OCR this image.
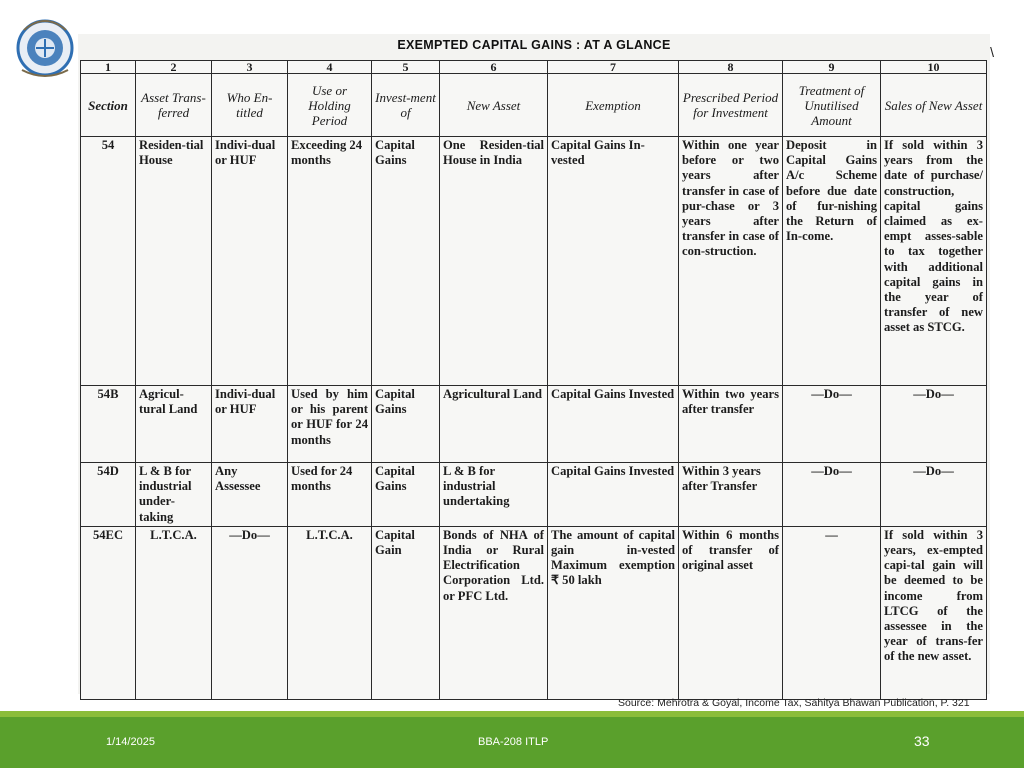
EXEMPTED CAPITAL GAINS : AT A GLANCE	\
1	2	3	4	5	6	7	8	9	10
Section	Asset Trans-ferred	Who En-titled	Use or Holding Period	Invest-ment of	New Asset	Exemption	Prescribed Period for Investment	Treatment of Unutilised Amount	Sales of New Asset
54	Residen-tial House	Indivi-dual or HUF	Exceeding 24 months	Capital Gains	One Residen-tial House in India	Capital Gains In-vested	Within one year before or two years after transfer in case of pur-chase or 3 years after transfer in case of con-struction.	Deposit in Capital Gains A/c Scheme before due date of fur-nishing the Return of In-come.	If sold within 3 years from the date of purchase/ construction, capital gains claimed as ex-empt asses-sable to tax together with additional capital gains in the year of transfer of new asset as STCG.
54B	Agricul-tural Land	Indivi-dual or HUF	Used by him or his parent or HUF for 24 months	Capital Gains	Agricultural Land	Capital Gains Invested	Within two years after transfer	—Do—	—Do—
54D	L & B for industrial under-taking	Any Assessee	Used for 24 months	Capital Gains	L & B for industrial undertaking	Capital Gains Invested	Within 3 years after Transfer	—Do—	—Do—
54EC	L.T.C.A.	—Do—	L.T.C.A.	Capital Gain	Bonds of NHA of India or Rural Electrification Corporation Ltd. or PFC Ltd.	The amount of capital gain in-vested Maximum exemption ₹ 50 lakh	Within 6 months of transfer of original asset	—	If sold within 3 years, ex-empted capi-tal gain will be deemed to be income from LTCG of the assessee in the year of trans-fer of the new asset.
Source: Mehrotra & Goyal, Income Tax, Sahitya Bhawan Publication, P. 321
1/14/2025	BBA-208 ITLP	33
